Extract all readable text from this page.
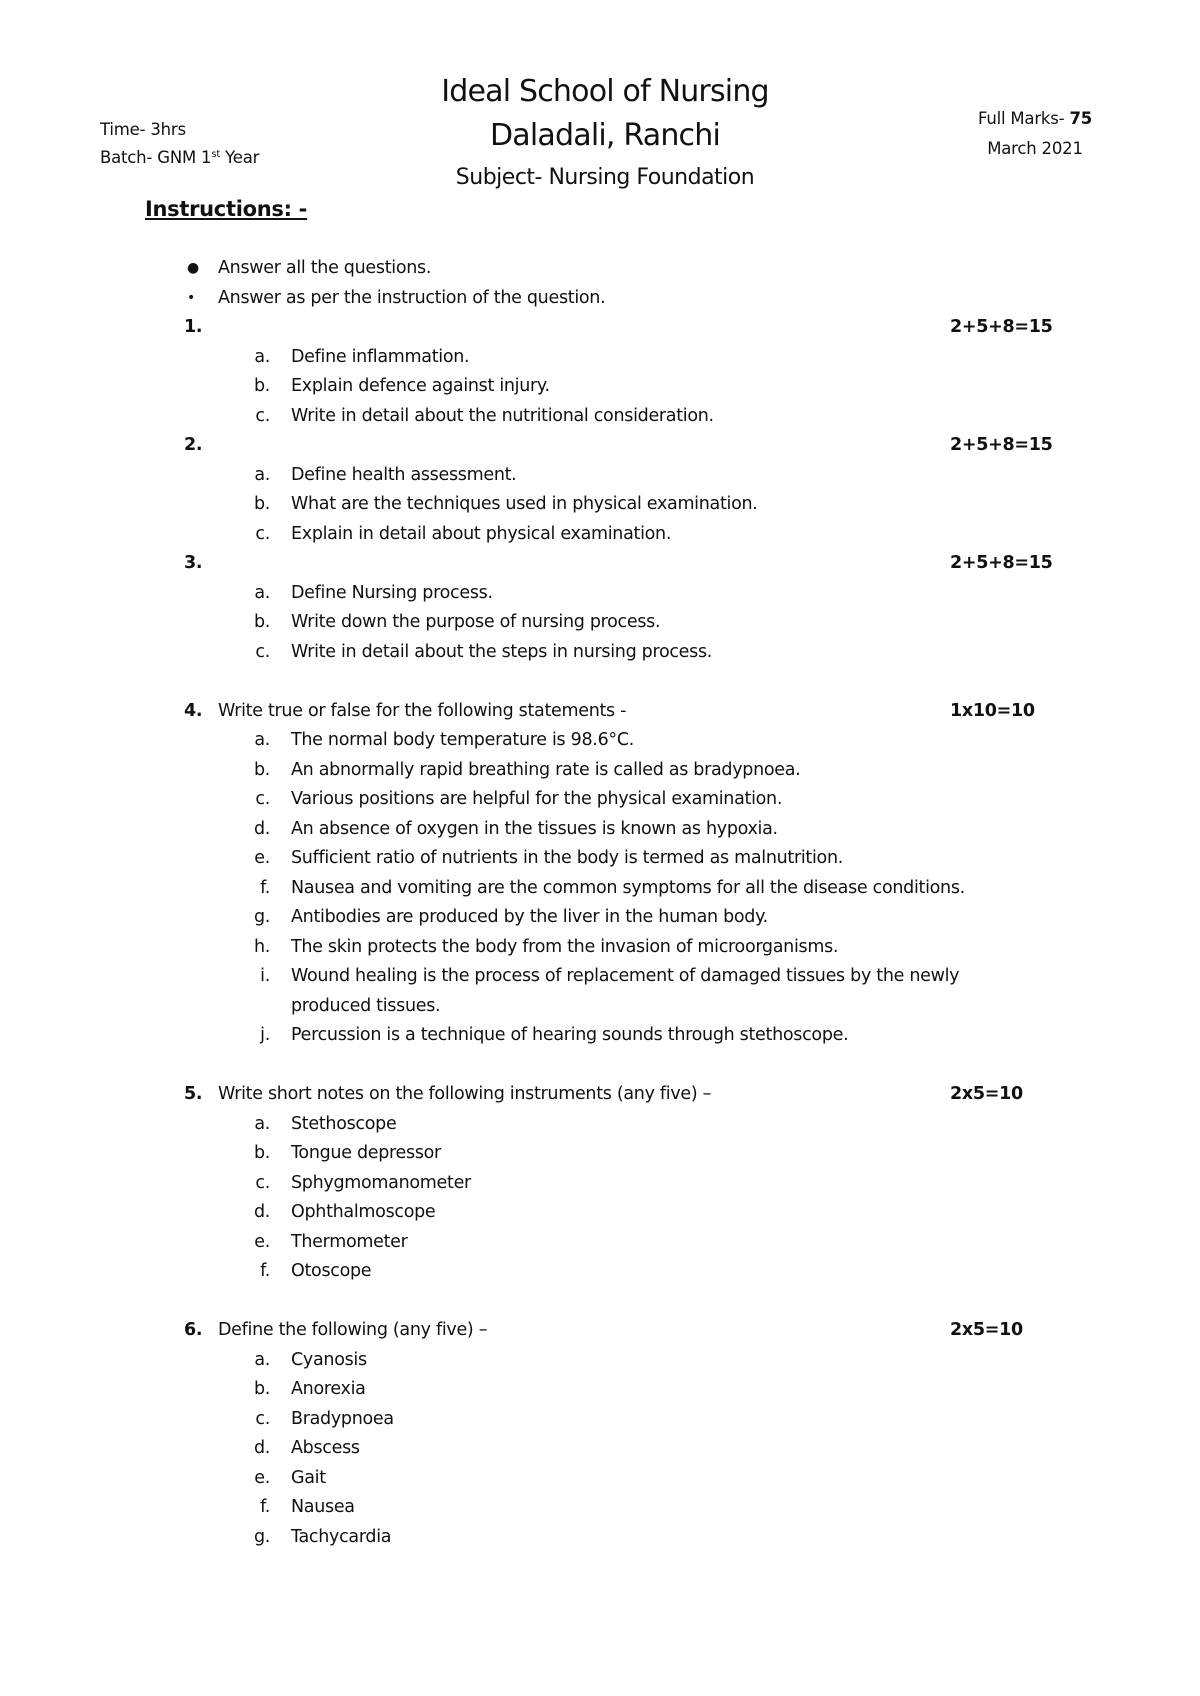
Time- 3hrs
Batch- GNM 1st Year
Ideal School of Nursing
Daladali, Ranchi
Subject- Nursing Foundation
Full Marks- 75
March 2021
Instructions: -
● Answer all the questions.
• Answer as per the instruction of the question.
1.	2+5+8=15
a. Define inflammation.
b. Explain defence against injury.
c. Write in detail about the nutritional consideration.
2.	2+5+8=15
a. Define health assessment.
b. What are the techniques used in physical examination.
c. Explain in detail about physical examination.
3.	2+5+8=15
a. Define Nursing process.
b. Write down the purpose of nursing process.
c. Write in detail about the steps in nursing process.
4. Write true or false for the following statements -	1x10=10
a. The normal body temperature is 98.6°C.
b. An abnormally rapid breathing rate is called as bradypnoea.
c. Various positions are helpful for the physical examination.
d. An absence of oxygen in the tissues is known as hypoxia.
e. Sufficient ratio of nutrients in the body is termed as malnutrition.
f. Nausea and vomiting are the common symptoms for all the disease conditions.
g. Antibodies are produced by the liver in the human body.
h. The skin protects the body from the invasion of microorganisms.
i. Wound healing is the process of replacement of damaged tissues by the newly produced tissues.
j. Percussion is a technique of hearing sounds through stethoscope.
5. Write short notes on the following instruments (any five) –	2x5=10
a. Stethoscope
b. Tongue depressor
c. Sphygmomanometer
d. Ophthalmoscope
e. Thermometer
f. Otoscope
6. Define the following (any five) –	2x5=10
a. Cyanosis
b. Anorexia
c. Bradypnoea
d. Abscess
e. Gait
f. Nausea
g. Tachycardia
